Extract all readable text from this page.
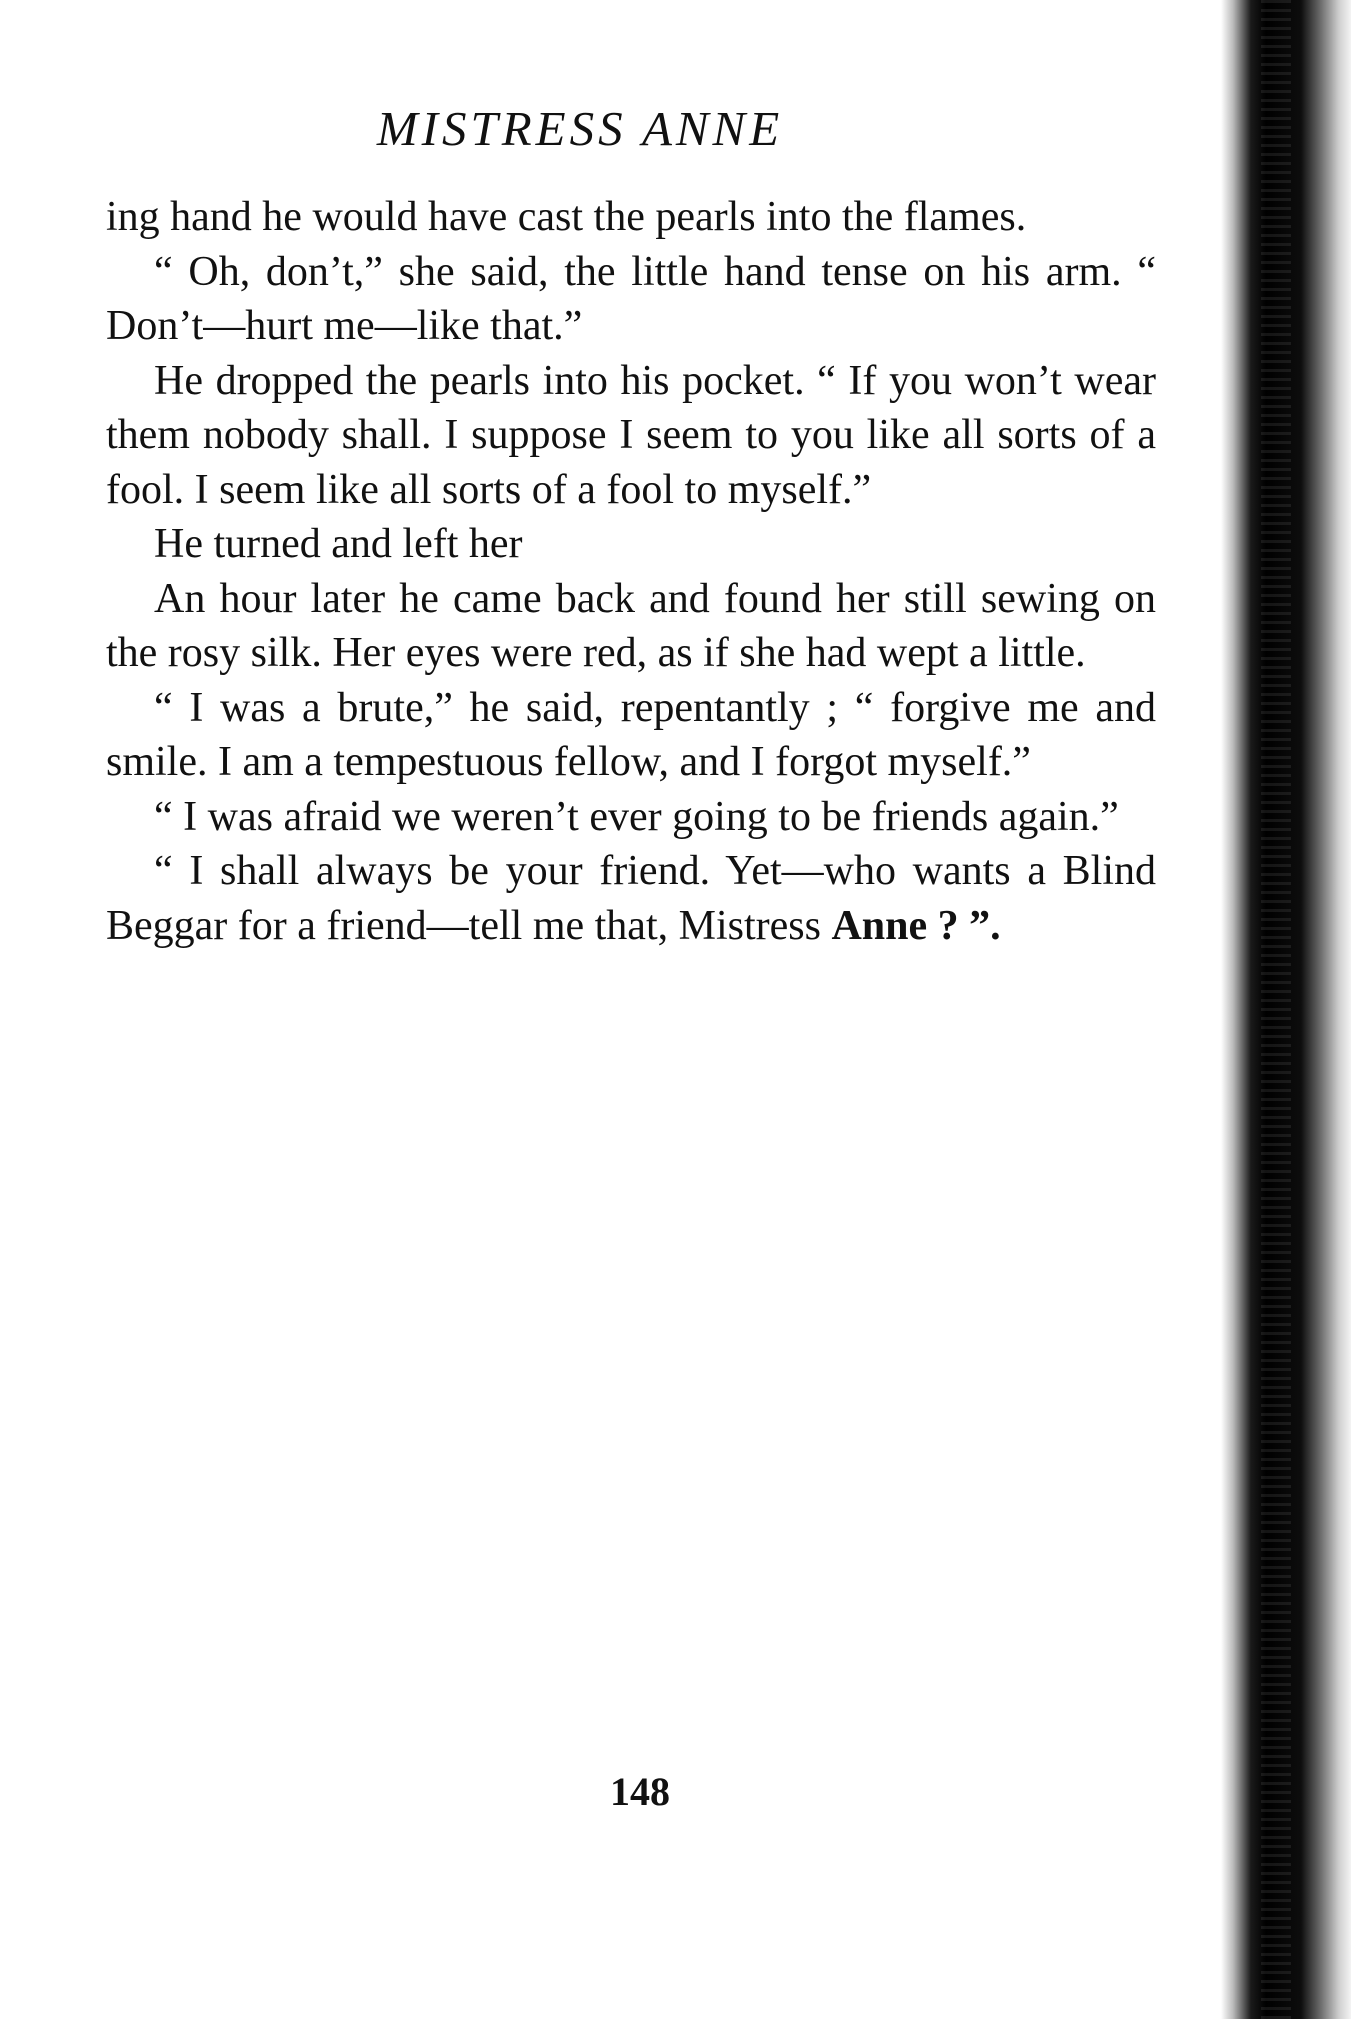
MISTRESS ANNE

ing hand he would have cast the pearls into the flames.

“ Oh, don’t,” she said, the little hand tense on his arm. “ Don’t—hurt me—like that.”

He dropped the pearls into his pocket. “ If you won’t wear them nobody shall. I suppose I seem to you like all sorts of a fool. I seem like all sorts of a fool to myself.”

He turned and left her

An hour later he came back and found her still sewing on the rosy silk. Her eyes were red, as if she had wept a little.

“ I was a brute,” he said, repentantly ; “ forgive me and smile. I am a tempestuous fellow, and I forgot myself.”

“ I was afraid we weren’t ever going to be friends again.”

“ I shall always be your friend. Yet—who wants a Blind Beggar for a friend—tell me that, Mistress Anne ? ”.

148
